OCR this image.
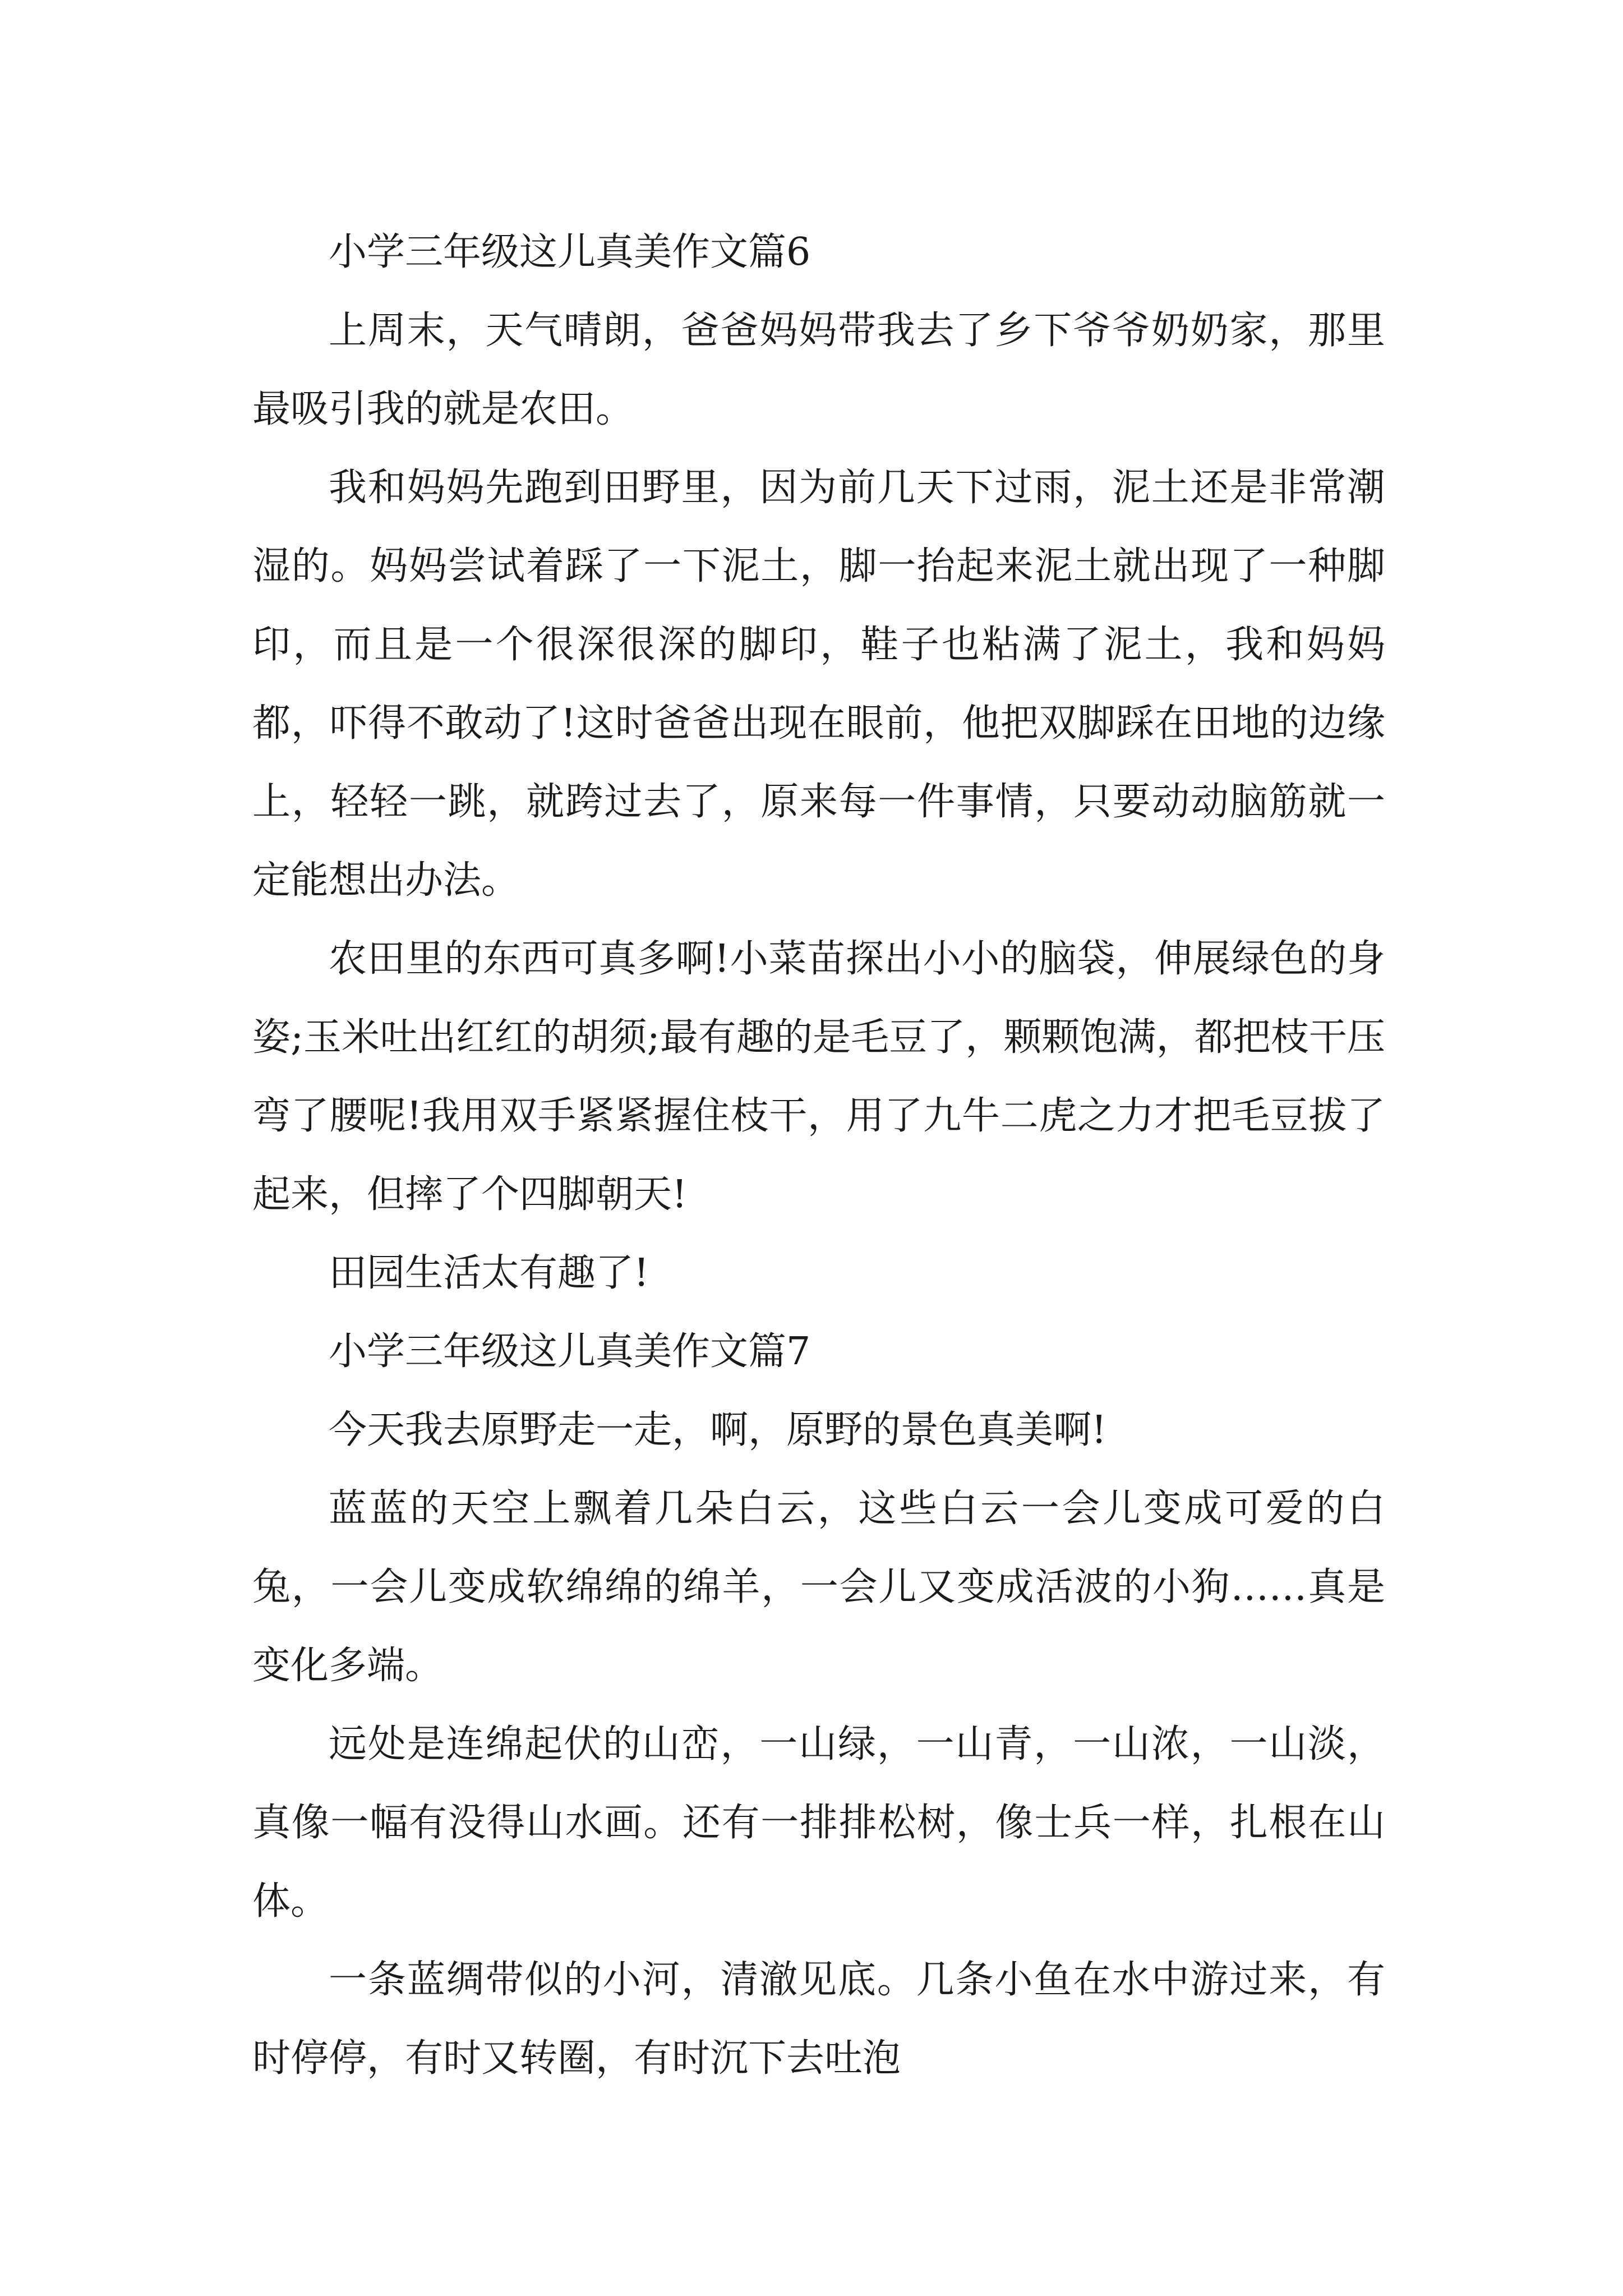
小学三年级这儿真美作文篇6

上周末，天气晴朗，爸爸妈妈带我去了乡下爷爷奶奶家，那里最吸引我的就是农田。

我和妈妈先跑到田野里，因为前几天下过雨，泥土还是非常潮湿的。妈妈尝试着踩了一下泥土，脚一抬起来泥土就出现了一种脚印，而且是一个很深很深的脚印，鞋子也粘满了泥土，我和妈妈都，吓得不敢动了!这时爸爸出现在眼前，他把双脚踩在田地的边缘上，轻轻一跳，就跨过去了，原来每一件事情，只要动动脑筋就一定能想出办法。

农田里的东西可真多啊!小菜苗探出小小的脑袋，伸展绿色的身姿;玉米吐出红红的胡须;最有趣的是毛豆了，颗颗饱满，都把枝干压弯了腰呢!我用双手紧紧握住枝干，用了九牛二虎之力才把毛豆拔了起来，但摔了个四脚朝天!

田园生活太有趣了!

小学三年级这儿真美作文篇7

今天我去原野走一走，啊，原野的景色真美啊!

蓝蓝的天空上飘着几朵白云，这些白云一会儿变成可爱的白兔，一会儿变成软绵绵的绵羊，一会儿又变成活波的小狗……真是变化多端。

远处是连绵起伏的山峦，一山绿，一山青，一山浓，一山淡，真像一幅有没得山水画。还有一排排松树，像士兵一样，扎根在山体。

一条蓝绸带似的小河，清澈见底。几条小鱼在水中游过来，有时停停，有时又转圈，有时沉下去吐泡
